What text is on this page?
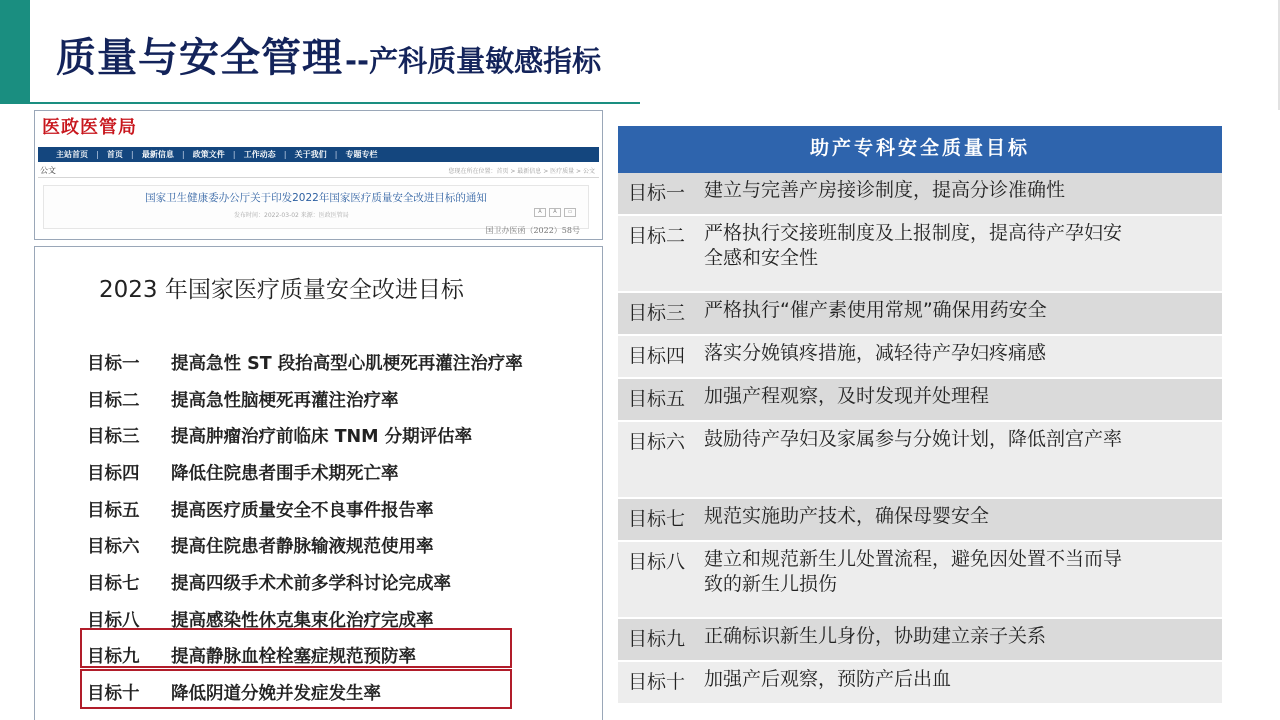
质量与安全管理 --产科质量敏感指标
医政医管局
主站首页 | 首页 | 最新信息 | 政策文件 | 工作动态 | 关于我们 | 专题专栏
公文	您现在所在位置：首页 > 最新信息 > 医疗质量 > 公文
国家卫生健康委办公厅关于印发2022年国家医疗质量安全改进目标的通知
发布时间：2022-03-02 来源：医政医管局	A	A	▭
国卫办医函（2022）58号
2023 年国家医疗质量安全改进目标
目标一	提高急性 ST 段抬高型心肌梗死再灌注治疗率
目标二	提高急性脑梗死再灌注治疗率
目标三	提高肿瘤治疗前临床 TNM 分期评估率
目标四	降低住院患者围手术期死亡率
目标五	提高医疗质量安全不良事件报告率
目标六	提高住院患者静脉输液规范使用率
目标七	提高四级手术术前多学科讨论完成率
目标八	提高感染性休克集束化治疗完成率
目标九	提高静脉血栓栓塞症规范预防率
目标十	降低阴道分娩并发症发生率
助产专科安全质量目标
目标一 建立与完善产房接诊制度，提高分诊准确性
目标二 严格执行交接班制度及上报制度，提高待产孕妇安全感和安全性
目标三 严格执行“催产素使用常规”确保用药安全
目标四 落实分娩镇疼措施，减轻待产孕妇疼痛感
目标五 加强产程观察，及时发现并处理程
目标六 鼓励待产孕妇及家属参与分娩计划，降低剖宫产率
目标七 规范实施助产技术，确保母婴安全
目标八 建立和规范新生儿处置流程，避免因处置不当而导致的新生儿损伤
目标九 正确标识新生儿身份，协助建立亲子关系
目标十 加强产后观察，预防产后出血
